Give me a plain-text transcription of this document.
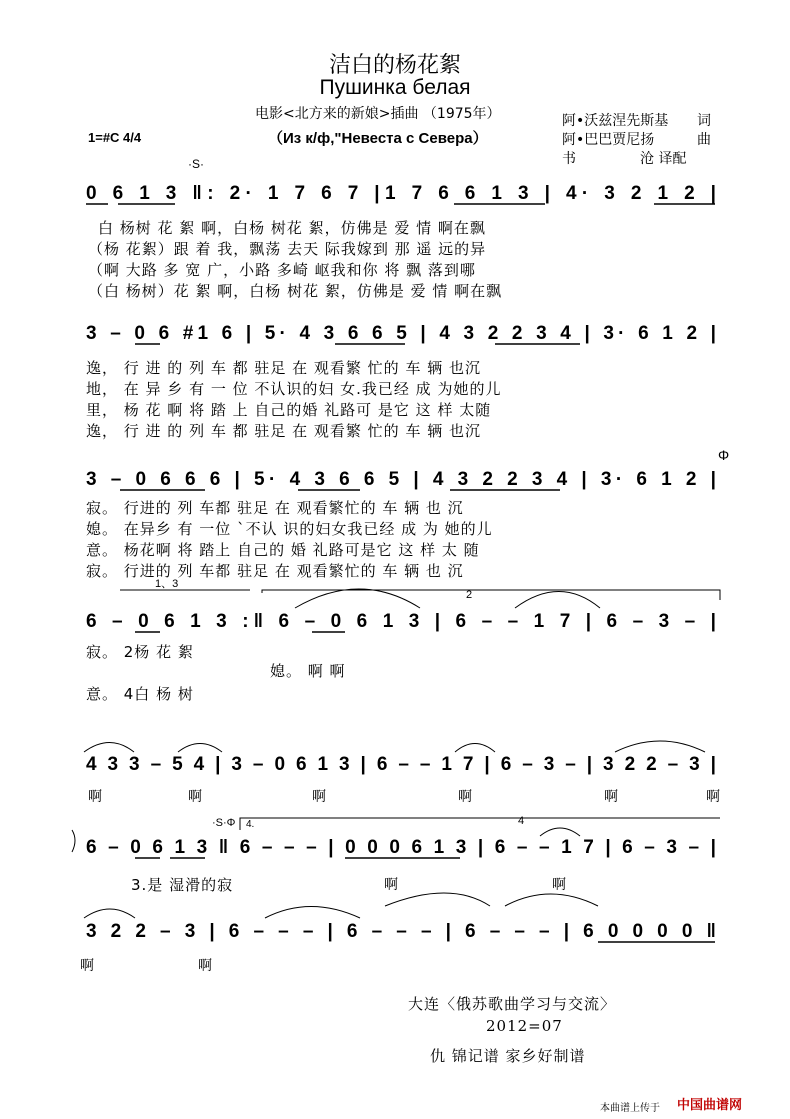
洁白的杨花絮
Пушинка белая
电影<北方来的新娘>插曲 （1975年）
1=#C 4/4	（Из к/ф,"Невеста с Севера）
阿•沃兹涅先斯基 词
阿•巴巴贾尼扬	曲
书	沧 译配
·S·
·S·Φ
Φ
0 6 1 3 ‖: 2· 1 7 6 7 |1 7 6 6 1 3 | 4· 3 2 1 2 |
3 – 0 6 #1 6 | 5· 4 3 6 6 5 | 4 3 2 2 3 4 | 3· 6 1 2 |
3 – 0 6 6 6 | 5· 4 3 6 6 5 | 4 3 2 2 3 4 | 3· 6 1 2 |
1、3
2
6 – 0 6 1 3 :‖ 6 – 0 6 1 3 | 6 – – 1 7 | 6 – 3 – |
4 3 3 – 5 4 | 3 – 0 6 1 3 | 6 – – 1 7 | 6 – 3 – | 3 2 2 – 3 |
4.	4
6 – 0 6 1 3 ‖ 6 – – – | 0 0 0 6 1 3 | 6 – – 1 7 | 6 – 3 – |
3 2 2 – 3 | 6 – – – | 6 – – – | 6 – – – | 6 0 0 0 0 ‖
白 杨树 花 絮 啊，白杨 树花 絮，仿佛是 爱 情 啊在飘
（杨 花絮）跟 着 我，飘荡 去天 际我嫁到 那 遥 远的异
（啊 大路 多 宽 广，小路 多崎 岖我和你 将 飘 落到哪
（白 杨树）花 絮 啊，白杨 树花 絮，仿佛是 爱 情 啊在飘
逸， 行 进 的 列 车 都 驻足 在 观看繁 忙的 车 辆 也沉
地， 在 异 乡 有 一 位 不认识的妇 女.我已经 成 为她的儿
里， 杨 花 啊 将 踏 上 自己的婚 礼路可 是它 这 样 太随
逸， 行 进 的 列 车 都 驻足 在 观看繁 忙的 车 辆 也沉
寂。 行进的 列 车都 驻足 在 观看繁忙的 车 辆 也 沉
媳。 在异乡 有 一位 ˋ不认 识的妇女我已经 成 为 她的儿
意。 杨花啊 将 踏上 自己的 婚 礼路可是它 这 样 太 随
寂。 行进的 列 车都 驻足 在 观看繁忙的 车 辆 也 沉
寂。 2杨 花 絮
媳。 啊 啊
意。 4白 杨 树
啊	啊	啊	啊	啊	啊
3.是 湿滑的寂	啊	啊
啊	啊
大连〈俄苏歌曲学习与交流〉
2012=07
仇 锦记谱 家乡好制谱
本曲谱上传于 中国曲谱网
